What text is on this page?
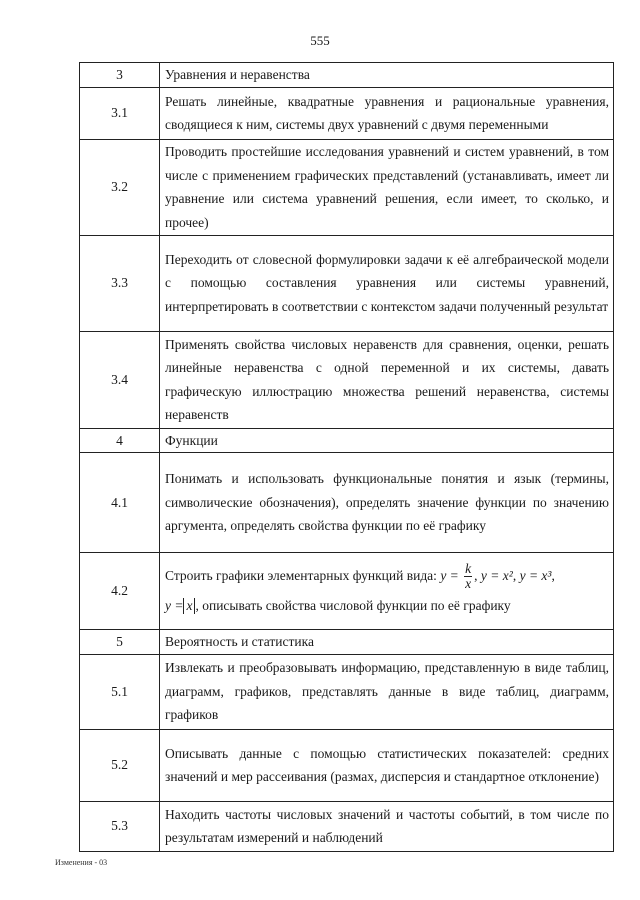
555
3	Уравнения и неравенства
3.1	Решать линейные, квадратные уравнения и рациональные уравнения, сводящиеся к ним, системы двух уравнений с двумя переменными
3.2	Проводить простейшие исследования уравнений и систем уравнений, в том числе с применением графических представлений (устанавливать, имеет ли уравнение или система уравнений решения, если имеет, то сколько, и прочее)
3.3	Переходить от словесной формулировки задачи к её алгебраической модели с помощью составления уравнения или системы уравнений, интерпретировать в соответствии с контекстом задачи полученный результат
3.4	Применять свойства числовых неравенств для сравнения, оценки, решать линейные неравенства с одной переменной и их системы, давать графическую иллюстрацию множества решений неравенства, системы неравенств
4	Функции
4.1	Понимать и использовать функциональные понятия и язык (термины, символические обозначения), определять значение функции по значению аргумента, определять свойства функции по её графику
4.2	Строить графики элементарных функций вида: $y = \frac{k}{x}$ , y = x², y = x³,
y = x , описывать свойства числовой функции по её графику
5	Вероятность и статистика
5.1	Извлекать и преобразовывать информацию, представленную в виде таблиц, диаграмм, графиков, представлять данные в виде таблиц, диаграмм, графиков
5.2	Описывать данные с помощью статистических показателей: средних значений и мер рассеивания (размах, дисперсия и стандартное отклонение)
5.3	Находить частоты числовых значений и частоты событий, в том числе по результатам измерений и наблюдений
Изменения - 03
